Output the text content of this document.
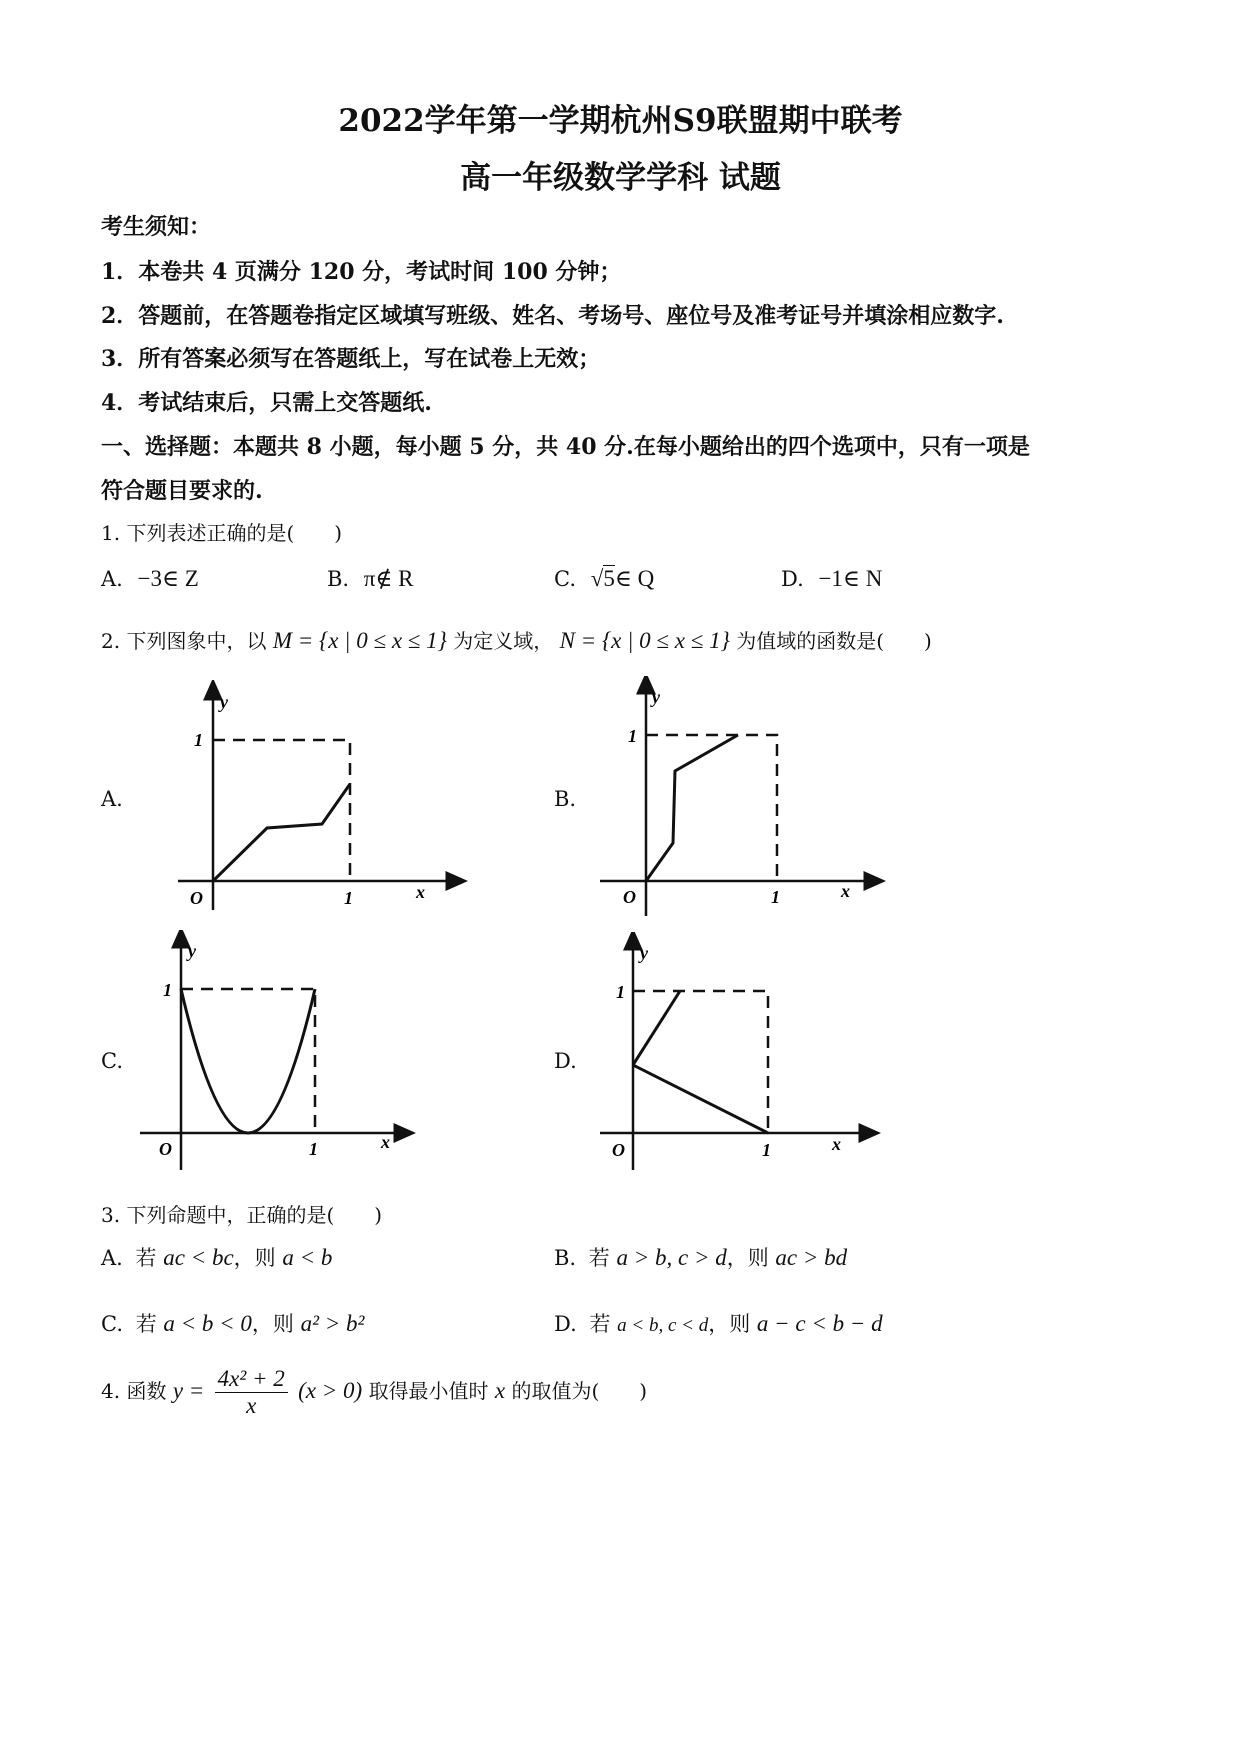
2022学年第一学期杭州S9联盟期中联考
高一年级数学学科 试题
考生须知：
1．本卷共 4 页满分 120 分，考试时间 100 分钟；
2．答题前，在答题卷指定区域填写班级、姓名、考场号、座位号及准考证号并填涂相应数字.
3．所有答案必须写在答题纸上，写在试卷上无效；
4．考试结束后，只需上交答题纸.
一、选择题：本题共 8 小题，每小题 5 分，共 40 分.在每小题给出的四个选项中，只有一项是
符合题目要求的.
1. 下列表述正确的是(　　)
A. −3∈ Z	B. π∉ R	C. √5∈ Q	D. −1∈ N
2. 下列图象中，以 M = {x | 0 ≤ x ≤ 1} 为定义域， N = {x | 0 ≤ x ≤ 1} 为值域的函数是(　　)
A.	B.
C.	D.
y
1
O	1	x
y
1
O	1	x
y
1
O	1	x
y
1
O	1	x
3. 下列命题中，正确的是(　　)
A. 若 ac < bc，则 a < b	B. 若 a > b, c > d，则 ac > bd
C. 若 a < b < 0，则 a² > b²	D. 若 a < b, c < d，则 a − c < b − d
4. 函数 $y = \frac{\text{4x² + 2}}{x} (x > 0)$ 取得最小值时 x 的取值为(　　)
